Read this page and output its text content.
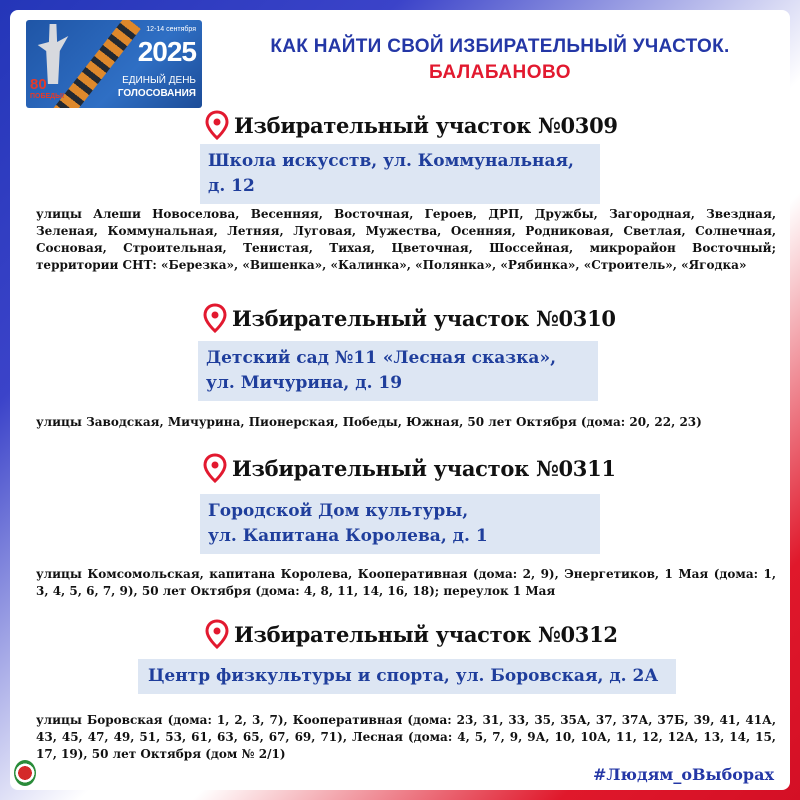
80
ПОБЕДЫ!
12-14 сентября
2025
ЕДИНЫЙ ДЕНЬ
ГОЛОСОВАНИЯ
КАК НАЙТИ СВОЙ ИЗБИРАТЕЛЬНЫЙ УЧАСТОК.
БАЛАБАНОВО
Избирательный участок №0309
Школа искусств, ул. Коммунальная,
д. 12
улицы Алеши Новоселова, Весенняя, Восточная, Героев, ДРП, Дружбы, Загородная, Звездная, Зеленая, Коммунальная, Летняя, Луговая, Мужества, Осенняя, Родниковая, Светлая, Солнечная, Сосновая, Строительная, Тенистая, Тихая, Цветочная, Шоссейная, микрорайон Восточный; территории СНТ: «Березка», «Вишенка», «Калинка», «Полянка», «Рябинка», «Строитель», «Ягодка»
Избирательный участок №0310
Детский сад №11 «Лесная сказка»,
ул. Мичурина, д. 19
улицы Заводская, Мичурина, Пионерская, Победы, Южная, 50 лет Октября (дома: 20, 22, 23)
Избирательный участок №0311
Городской Дом культуры,
ул. Капитана Королева, д. 1
улицы Комсомольская, капитана Королева, Кооперативная (дома: 2, 9), Энергетиков, 1 Мая (дома: 1, 3, 4, 5, 6, 7, 9), 50 лет Октября (дома: 4, 8, 11, 14, 16, 18); переулок 1 Мая
Избирательный участок №0312
Центр физкультуры и спорта, ул. Боровская, д. 2А
улицы Боровская (дома: 1, 2, 3, 7), Кооперативная (дома: 23, 31, 33, 35, 35А, 37, 37А, 37Б, 39, 41, 41А, 43, 45, 47, 49, 51, 53, 61, 63, 65, 67, 69, 71), Лесная (дома: 4, 5, 7, 9, 9А, 10, 10А, 11, 12, 12А, 13, 14, 15, 17, 19), 50 лет Октября (дом № 2/1)
#Людям_оВыборах
